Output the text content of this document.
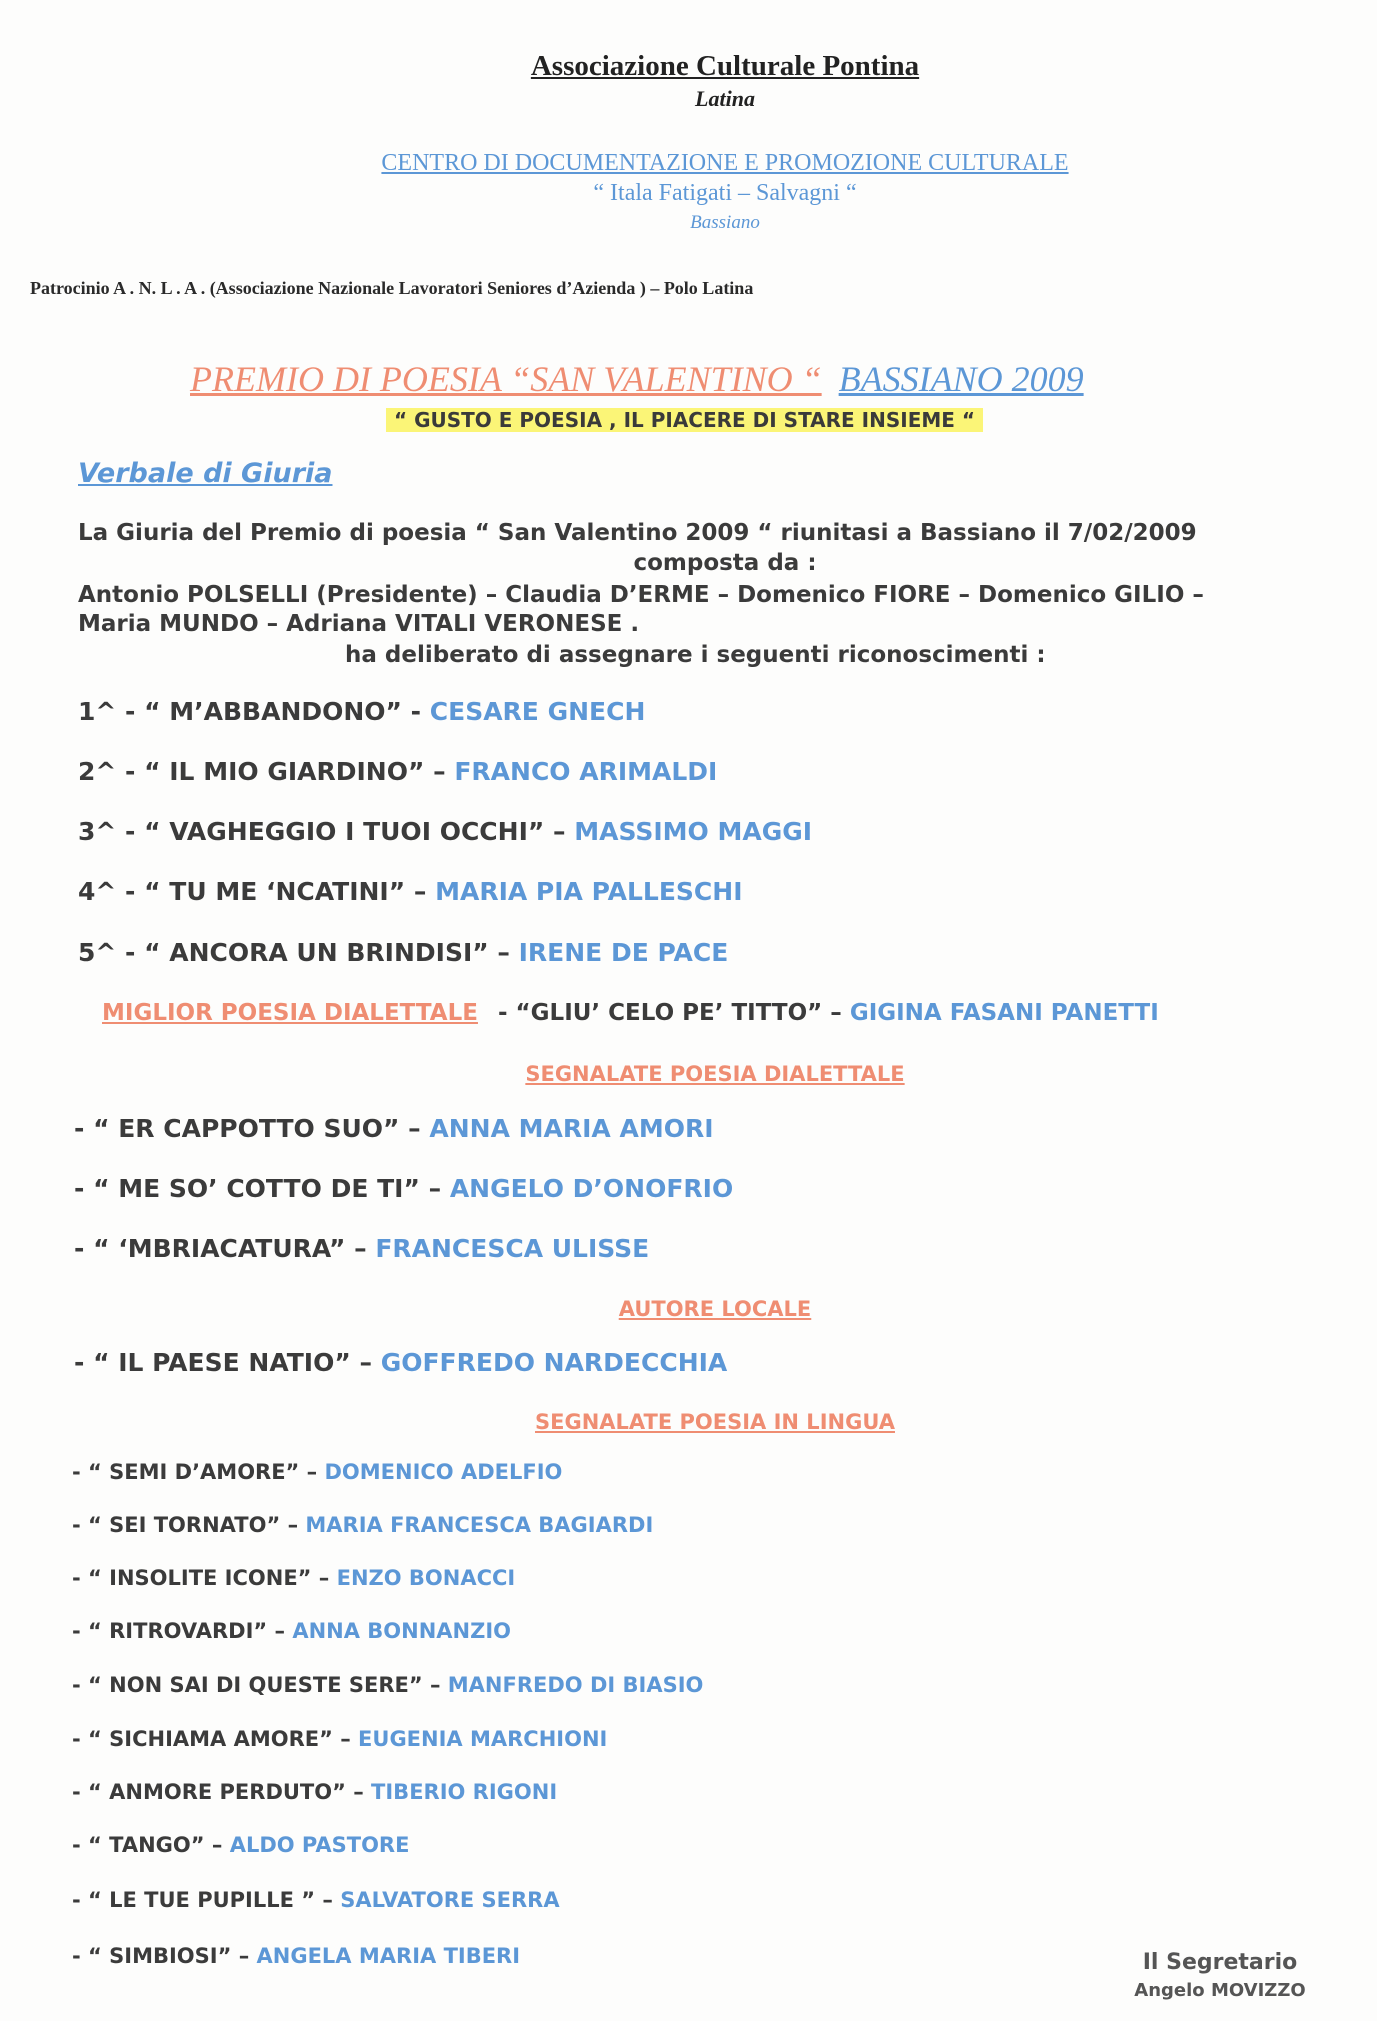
Associazione Culturale Pontina
Latina
CENTRO DI DOCUMENTAZIONE E PROMOZIONE CULTURALE
“ Itala Fatigati – Salvagni “
Bassiano
Patrocinio A . N. L . A . (Associazione Nazionale Lavoratori Seniores d’Azienda ) – Polo Latina
PREMIO DI POESIA “SAN VALENTINO “ BASSIANO 2009
“ GUSTO E POESIA , IL PIACERE DI STARE INSIEME “
Verbale di Giuria
La Giuria del Premio di poesia “ San Valentino 2009 “ riunitasi a Bassiano il 7/02/2009
composta da :
Antonio POLSELLI (Presidente) – Claudia D’ERME – Domenico FIORE – Domenico GILIO –
Maria MUNDO – Adriana VITALI VERONESE .
ha deliberato di assegnare i seguenti riconoscimenti :
1^ - “ M’ABBANDONO” - CESARE GNECH
2^ - “ IL MIO GIARDINO” – FRANCO ARIMALDI
3^ - “ VAGHEGGIO I TUOI OCCHI” – MASSIMO MAGGI
4^ - “ TU ME ‘NCATINI” – MARIA PIA PALLESCHI
5^ - “ ANCORA UN BRINDISI” – IRENE DE PACE
MIGLIOR POESIA DIALETTALE - “GLIU’ CELO PE’ TITTO” – GIGINA FASANI PANETTI
SEGNALATE POESIA DIALETTALE
- “ ER CAPPOTTO SUO” – ANNA MARIA AMORI
- “ ME SO’ COTTO DE TI” – ANGELO D’ONOFRIO
- “ ‘MBRIACATURA” – FRANCESCA ULISSE
AUTORE LOCALE
- “ IL PAESE NATIO” – GOFFREDO NARDECCHIA
SEGNALATE POESIA IN LINGUA
- “ SEMI D’AMORE” – DOMENICO ADELFIO
- “ SEI TORNATO” – MARIA FRANCESCA BAGIARDI
- “ INSOLITE ICONE” – ENZO BONACCI
- “ RITROVARDI” – ANNA BONNANZIO
- “ NON SAI DI QUESTE SERE” – MANFREDO DI BIASIO
- “ SICHIAMA AMORE” – EUGENIA MARCHIONI
- “ ANMORE PERDUTO” – TIBERIO RIGONI
- “ TANGO” – ALDO PASTORE
- “ LE TUE PUPILLE ” – SALVATORE SERRA
- “ SIMBIOSI” – ANGELA MARIA TIBERI	Il Segretario
Angelo MOVIZZO
